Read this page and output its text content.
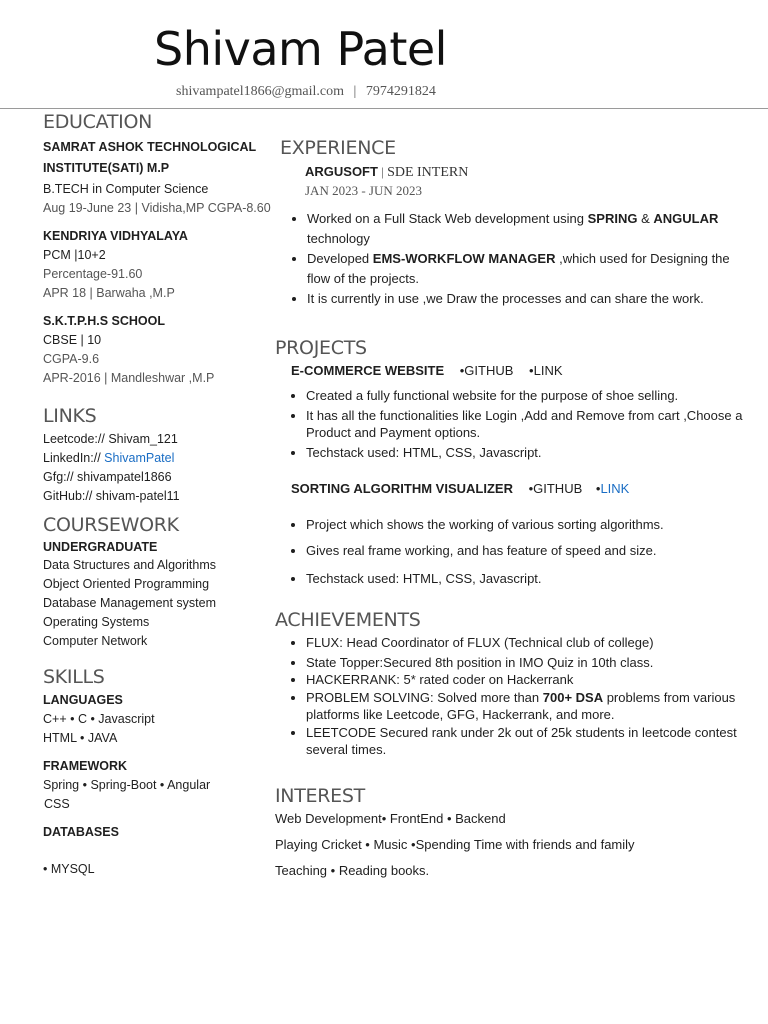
Shivam Patel
shivampatel1866@gmail.com | 7974291824
EDUCATION
SAMRAT ASHOK TECHNOLOGICAL
INSTITUTE(SATI) M.P
B.TECH in Computer Science
Aug 19-June 23 | Vidisha,MP CGPA-8.60
KENDRIYA VIDHYALAYA
PCM |10+2
Percentage-91.60
APR 18 | Barwaha ,M.P
S.K.T.P.H.S SCHOOL
CBSE | 10
CGPA-9.6
APR-2016 | Mandleshwar ,M.P
LINKS
Leetcode:// Shivam_121
LinkedIn:// ShivamPatel
Gfg:// shivampatel1866
GitHub:// shivam-patel11
COURSEWORK
UNDERGRADUATE
Data Structures and Algorithms
Object Oriented Programming
Database Management system
Operating Systems
Computer Network
SKILLS
LANGUAGES
C++ • C • Javascript
HTML • JAVA
FRAMEWORK
Spring • Spring-Boot • Angular
CSS
DATABASES
• MYSQL
EXPERIENCE
ARGUSOFT | SDE INTERN
JAN 2023 - JUN 2023
• Worked on a Full Stack Web development using SPRING & ANGULAR technology
• Developed EMS-WORKFLOW MANAGER ,which used for Designing the flow of the projects.
• It is currently in use ,we Draw the processes and can share the work.
PROJECTS
E-COMMERCE WEBSITE •GITHUB •LINK
• Created a fully functional website for the purpose of shoe selling.
• It has all the functionalities like Login ,Add and Remove from cart ,Choose a Product and Payment options.
• Techstack used: HTML, CSS, Javascript.
SORTING ALGORITHM VISUALIZER •GITHUB •LINK
• Project which shows the working of various sorting algorithms.
• Gives real frame working, and has feature of speed and size.
• Techstack used: HTML, CSS, Javascript.
ACHIEVEMENTS
• FLUX: Head Coordinator of FLUX (Technical club of college)
• State Topper:Secured 8th position in IMO Quiz in 10th class.
• HACKERRANK: 5* rated coder on Hackerrank
• PROBLEM SOLVING: Solved more than 700+ DSA problems from various platforms like Leetcode, GFG, Hackerrank, and more.
• LEETCODE Secured rank under 2k out of 25k students in leetcode contest several times.
INTEREST
Web Development• FrontEnd • Backend
Playing Cricket • Music •Spending Time with friends and family
Teaching • Reading books.
